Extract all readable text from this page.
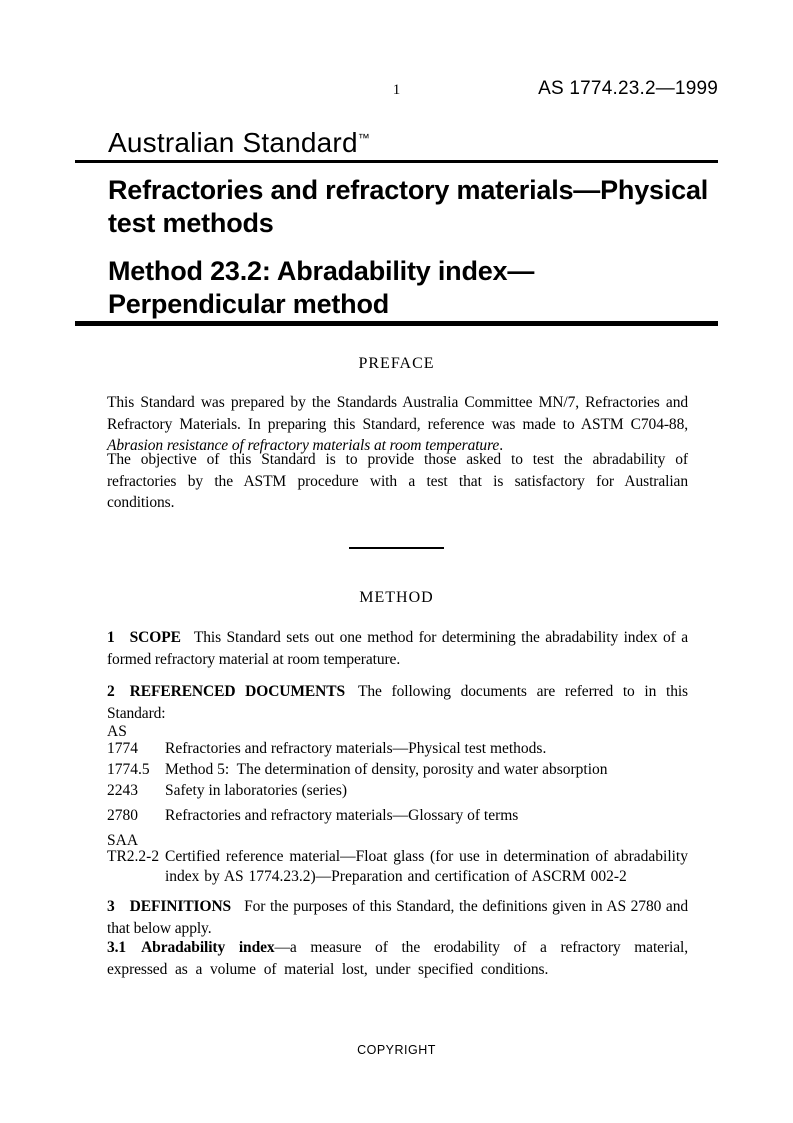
1	AS 1774.23.2—1999
Australian Standard™
Refractories and refractory materials—Physical
test methods
Method 23.2: Abradability index—
Perpendicular method
PREFACE

This Standard was prepared by the Standards Australia Committee MN/7, Refractories and Refractory Materials. In preparing this Standard, reference was made to ASTM C704-88, Abrasion resistance of refractory materials at room temperature.

The objective of this Standard is to provide those asked to test the abradability of refractories by the ASTM procedure with a test that is satisfactory for Australian conditions.

METHOD

1 SCOPE This Standard sets out one method for determining the abradability index of a formed refractory material at room temperature.

2 REFERENCED DOCUMENTS The following documents are referred to in this Standard:

AS
1774	Refractories and refractory materials—Physical test methods.
1774.5 Method 5:  The determination of density, porosity and water absorption
2243	Safety in laboratories (series)
2780	Refractories and refractory materials—Glossary of terms
SAA
TR2.2-2 Certified reference material—Float glass (for use in determination of abradability index by AS 1774.23.2)—Preparation and certification of ASCRM 002-2

3 DEFINITIONS For the purposes of this Standard, the definitions given in AS 2780 and that below apply.

3.1 Abradability index—a measure of the erodability of a refractory material, expressed as a volume of material lost, under specified conditions.

COPYRIGHT
